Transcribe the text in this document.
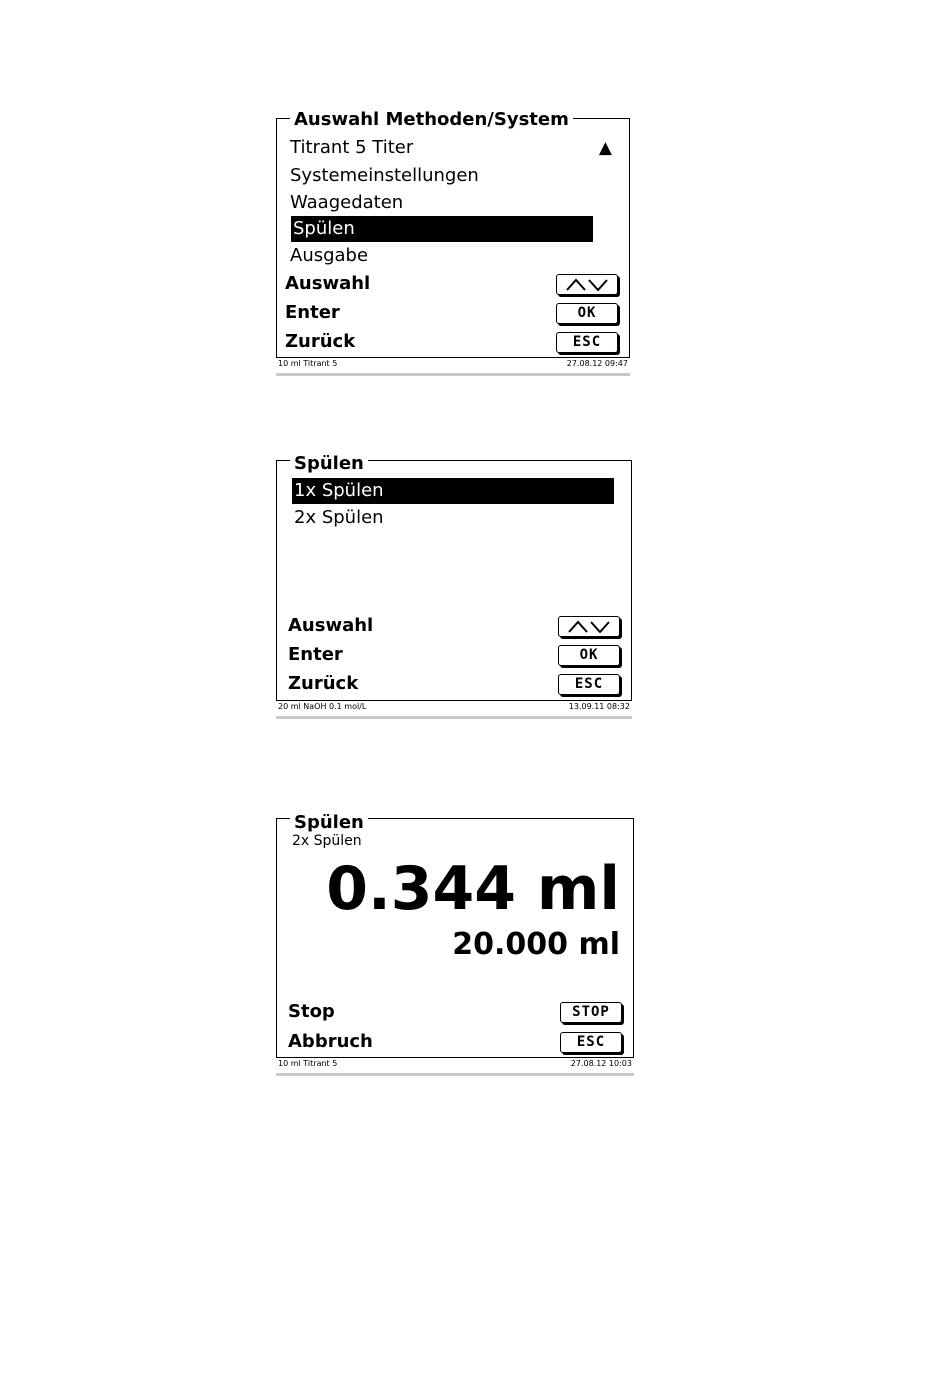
Auswahl Methoden/System
Titrant 5 Titer	▲
Systemeinstellungen
Waagedaten
Spülen
Ausgabe
Auswahl
Enter	OK
Zurück	ESC
10 ml Titrant 5	27.08.12 09:47
Spülen
1x Spülen
2x Spülen
Auswahl
Enter	OK
Zurück	ESC
20 ml NaOH 0.1 mol/L	13.09.11 08:32
Spülen
2x Spülen
0.344 ml
20.000 ml
Stop	STOP
Abbruch	ESC
10 ml Titrant 5	27.08.12 10:03
